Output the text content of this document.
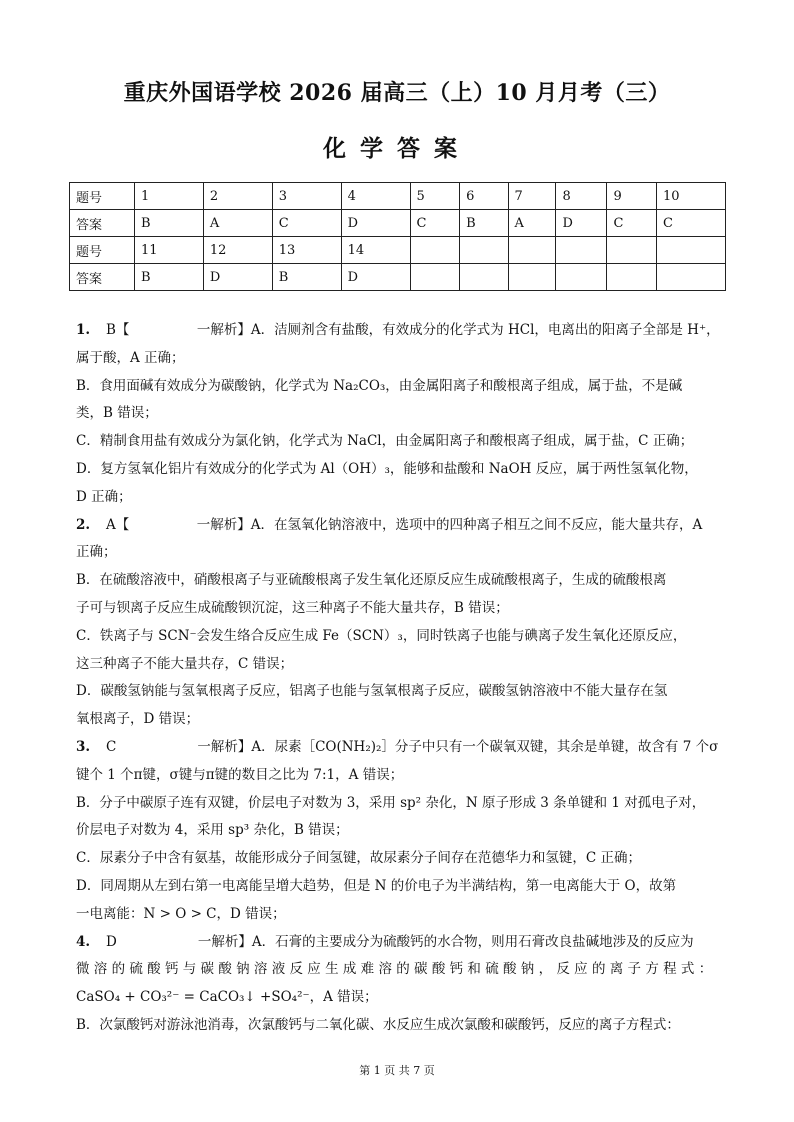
重庆外国语学校 2026 届高三（上）10 月月考（三）
化学答案
题号	1	2	3	4	5	6	7	8	9	10
答案	B	A	C	D	C	B	A	D	C	C
题号	11	12	13	14						
答案	B	D	B	D						
1.	B【　　　　　一解析】A．洁厕剂含有盐酸，有效成分的化学式为 HCl，电离出的阳离子全部是 H⁺，
属于酸，A 正确；
B．食用面碱有效成分为碳酸钠，化学式为 Na₂CO₃，由金属阳离子和酸根离子组成，属于盐，不是碱
类，B 错误；
C．精制食用盐有效成分为氯化钠，化学式为 NaCl，由金属阳离子和酸根离子组成，属于盐，C 正确；
D．复方氢氧化铝片有效成分的化学式为 Al（OH）₃，能够和盐酸和 NaOH 反应，属于两性氢氧化物，
D 正确；
2.	A【　　　　　一解析】A．在氢氧化钠溶液中，选项中的四种离子相互之间不反应，能大量共存，A
正确；
B．在硫酸溶液中，硝酸根离子与亚硫酸根离子发生氧化还原反应生成硫酸根离子，生成的硫酸根离
子可与钡离子反应生成硫酸钡沉淀，这三种离子不能大量共存，B 错误；
C．铁离子与 SCN⁻会发生络合反应生成 Fe（SCN）₃，同时铁离子也能与碘离子发生氧化还原反应，
这三种离子不能大量共存，C 错误；
D．碳酸氢钠能与氢氧根离子反应，铝离子也能与氢氧根离子反应，碳酸氢钠溶液中不能大量存在氢
氧根离子，D 错误；
3.	C　　　　　　一解析】A．尿素［CO(NH₂)₂］分子中只有一个碳氧双键，其余是单键，故含有 7 个σ
键个 1 个π键，σ键与π键的数目之比为 7:1，A 错误；
B．分子中碳原子连有双键，价层电子对数为 3，采用 sp² 杂化，N 原子形成 3 条单键和 1 对孤电子对，
价层电子对数为 4，采用 sp³ 杂化，B 错误；
C．尿素分子中含有氨基，故能形成分子间氢键，故尿素分子间存在范德华力和氢键，C 正确；
D．同周期从左到右第一电离能呈增大趋势，但是 N 的价电子为半满结构，第一电离能大于 O，故第
一电离能：N > O > C，D 错误；
4.	D　　　　　　一解析】A．石膏的主要成分为硫酸钙的水合物，则用石膏改良盐碱地涉及的反应为
微 溶 的 硫 酸 钙 与 碳 酸 钠 溶 液 反 应 生 成 难 溶 的 碳 酸 钙 和 硫 酸 钠 ， 反 应 的 离 子 方 程 式 ：
CaSO₄ + CO₃²⁻ = CaCO₃↓ +SO₄²⁻，A 错误；
B．次氯酸钙对游泳池消毒，次氯酸钙与二氧化碳、水反应生成次氯酸和碳酸钙，反应的离子方程式：
第 1 页 共 7 页
